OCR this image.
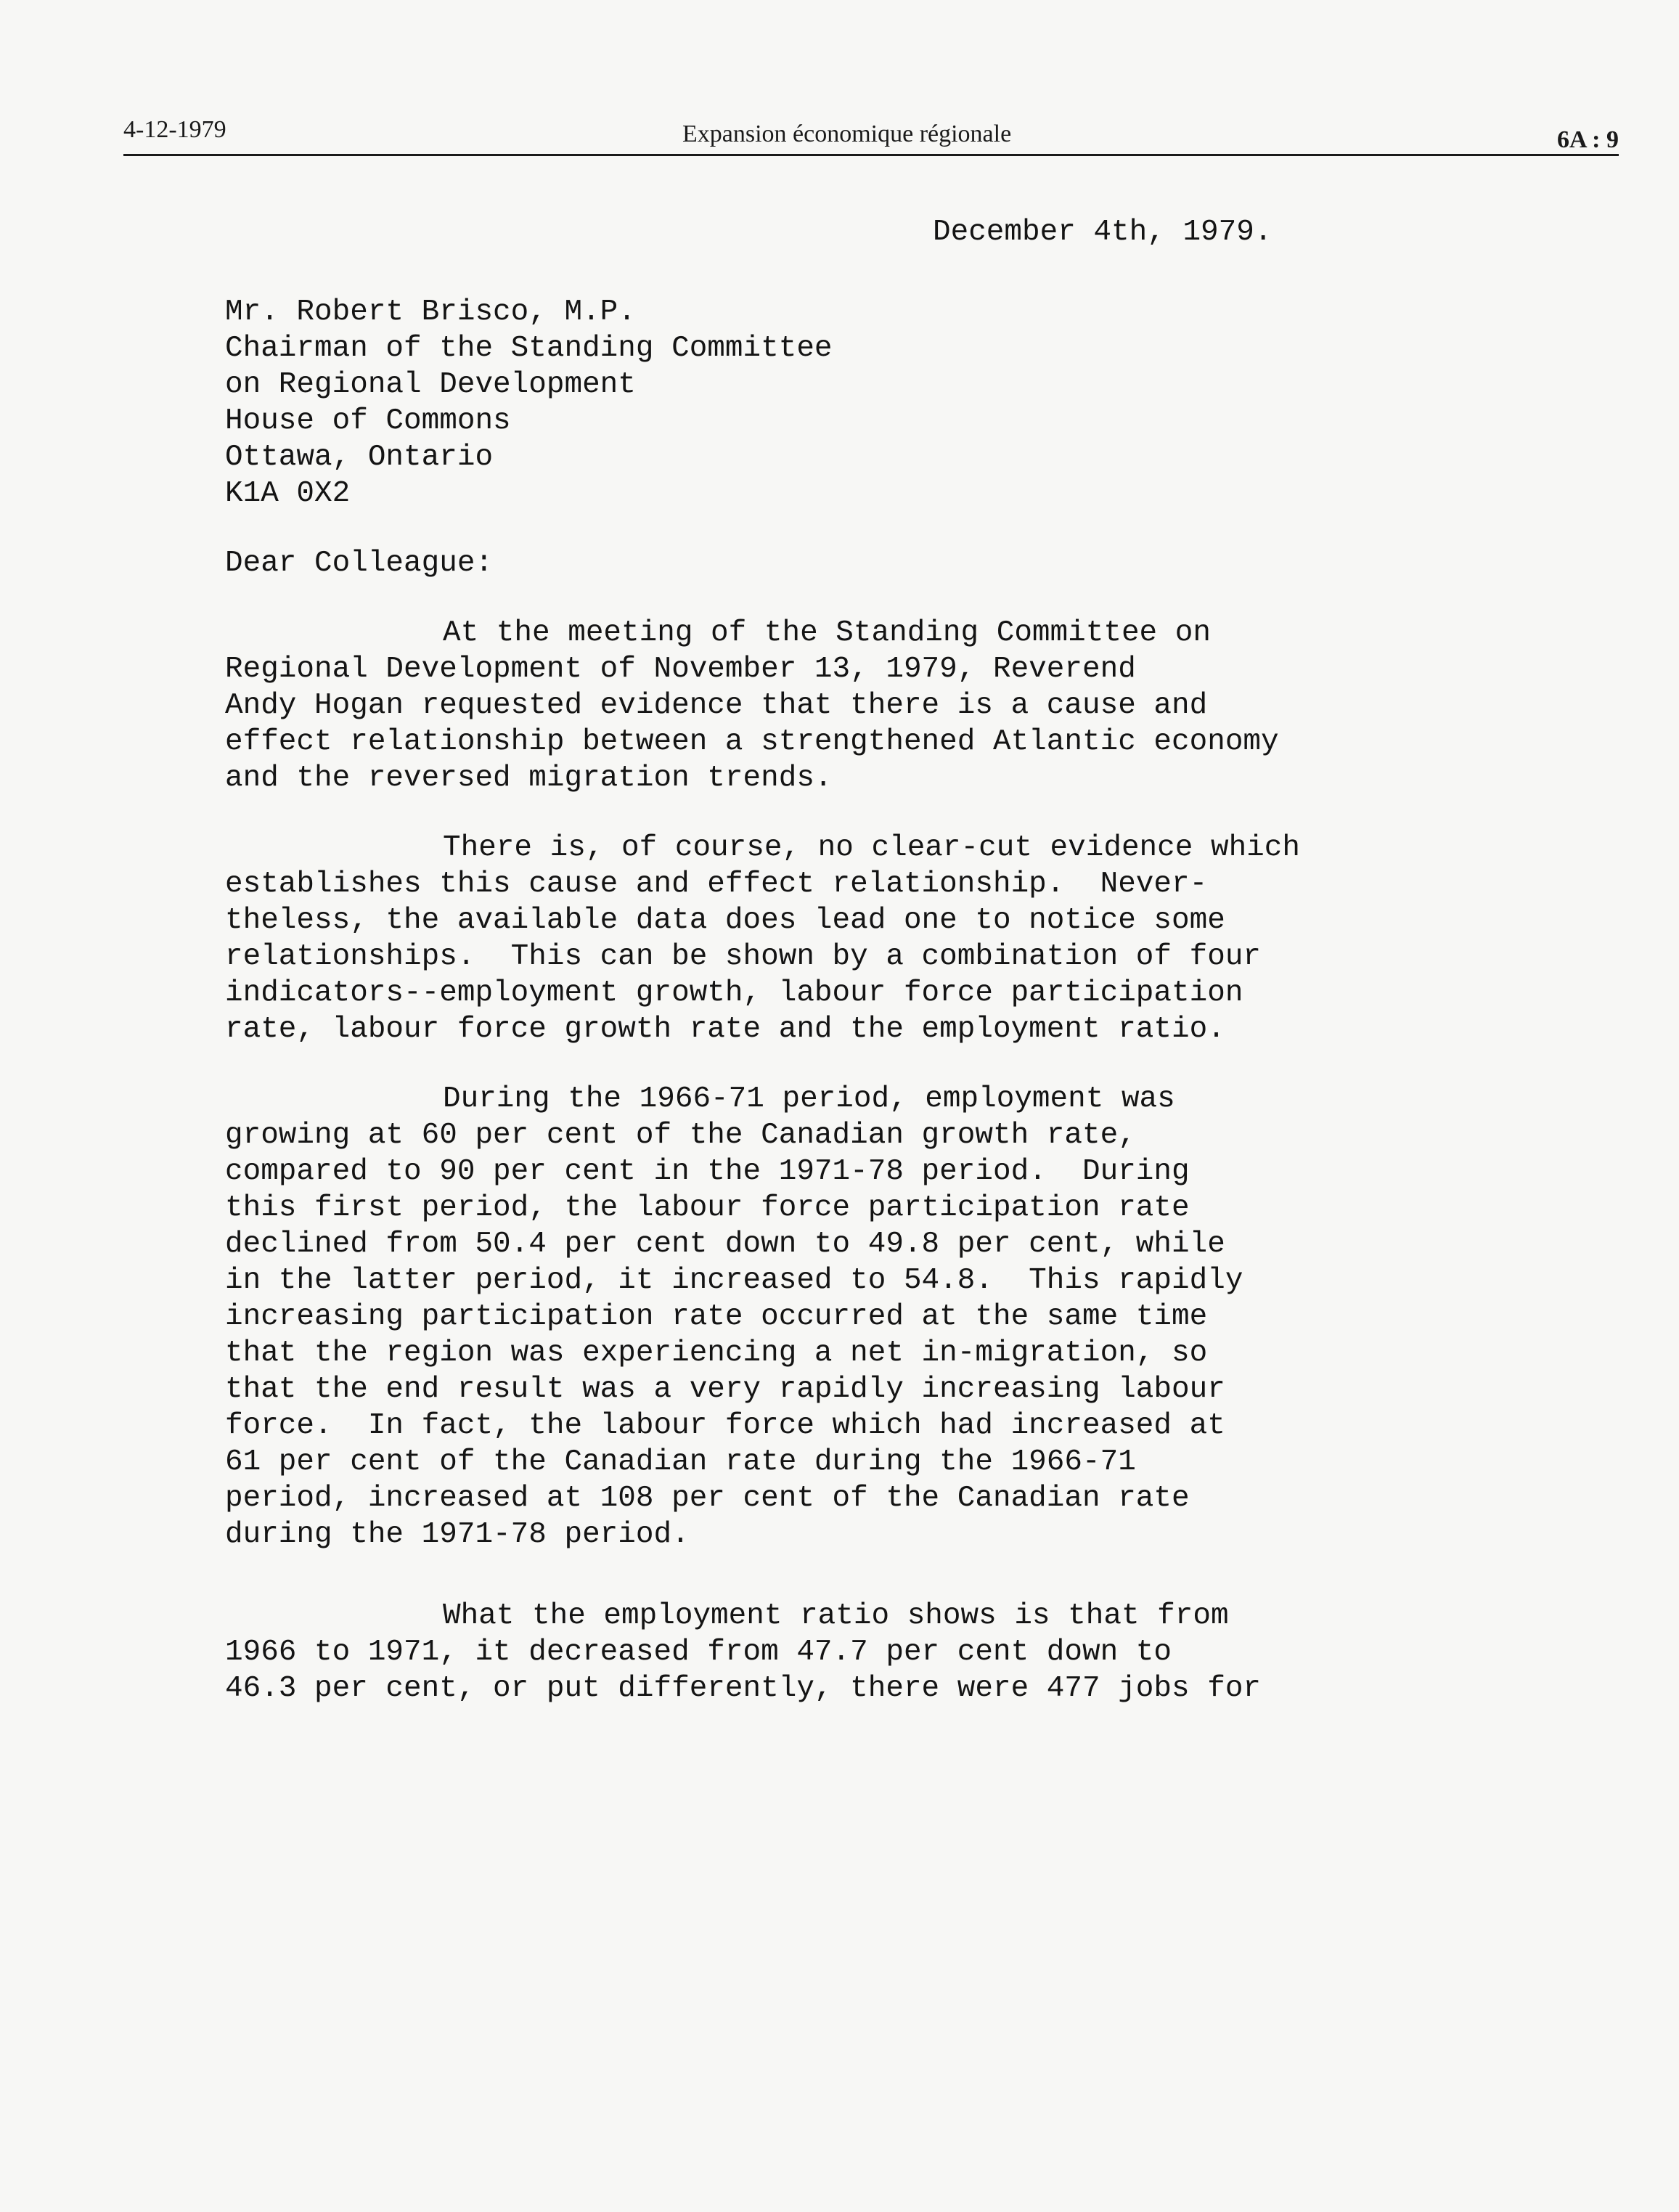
4-12-1979	Expansion économique régionale	6A : 9
December 4th, 1979.
Mr. Robert Brisco, M.P.
Chairman of the Standing Committee
on Regional Development
House of Commons
Ottawa, Ontario
K1A 0X2
Dear Colleague:
At the meeting of the Standing Committee on
Regional Development of November 13, 1979, Reverend
Andy Hogan requested evidence that there is a cause and
effect relationship between a strengthened Atlantic economy
and the reversed migration trends.
There is, of course, no clear-cut evidence which
establishes this cause and effect relationship.  Never-
theless, the available data does lead one to notice some
relationships.  This can be shown by a combination of four
indicators--employment growth, labour force participation
rate, labour force growth rate and the employment ratio.
During the 1966-71 period, employment was
growing at 60 per cent of the Canadian growth rate,
compared to 90 per cent in the 1971-78 period.  During
this first period, the labour force participation rate
declined from 50.4 per cent down to 49.8 per cent, while
in the latter period, it increased to 54.8.  This rapidly
increasing participation rate occurred at the same time
that the region was experiencing a net in-migration, so
that the end result was a very rapidly increasing labour
force.  In fact, the labour force which had increased at
61 per cent of the Canadian rate during the 1966-71
period, increased at 108 per cent of the Canadian rate
during the 1971-78 period.
What the employment ratio shows is that from
1966 to 1971, it decreased from 47.7 per cent down to
46.3 per cent, or put differently, there were 477 jobs for
